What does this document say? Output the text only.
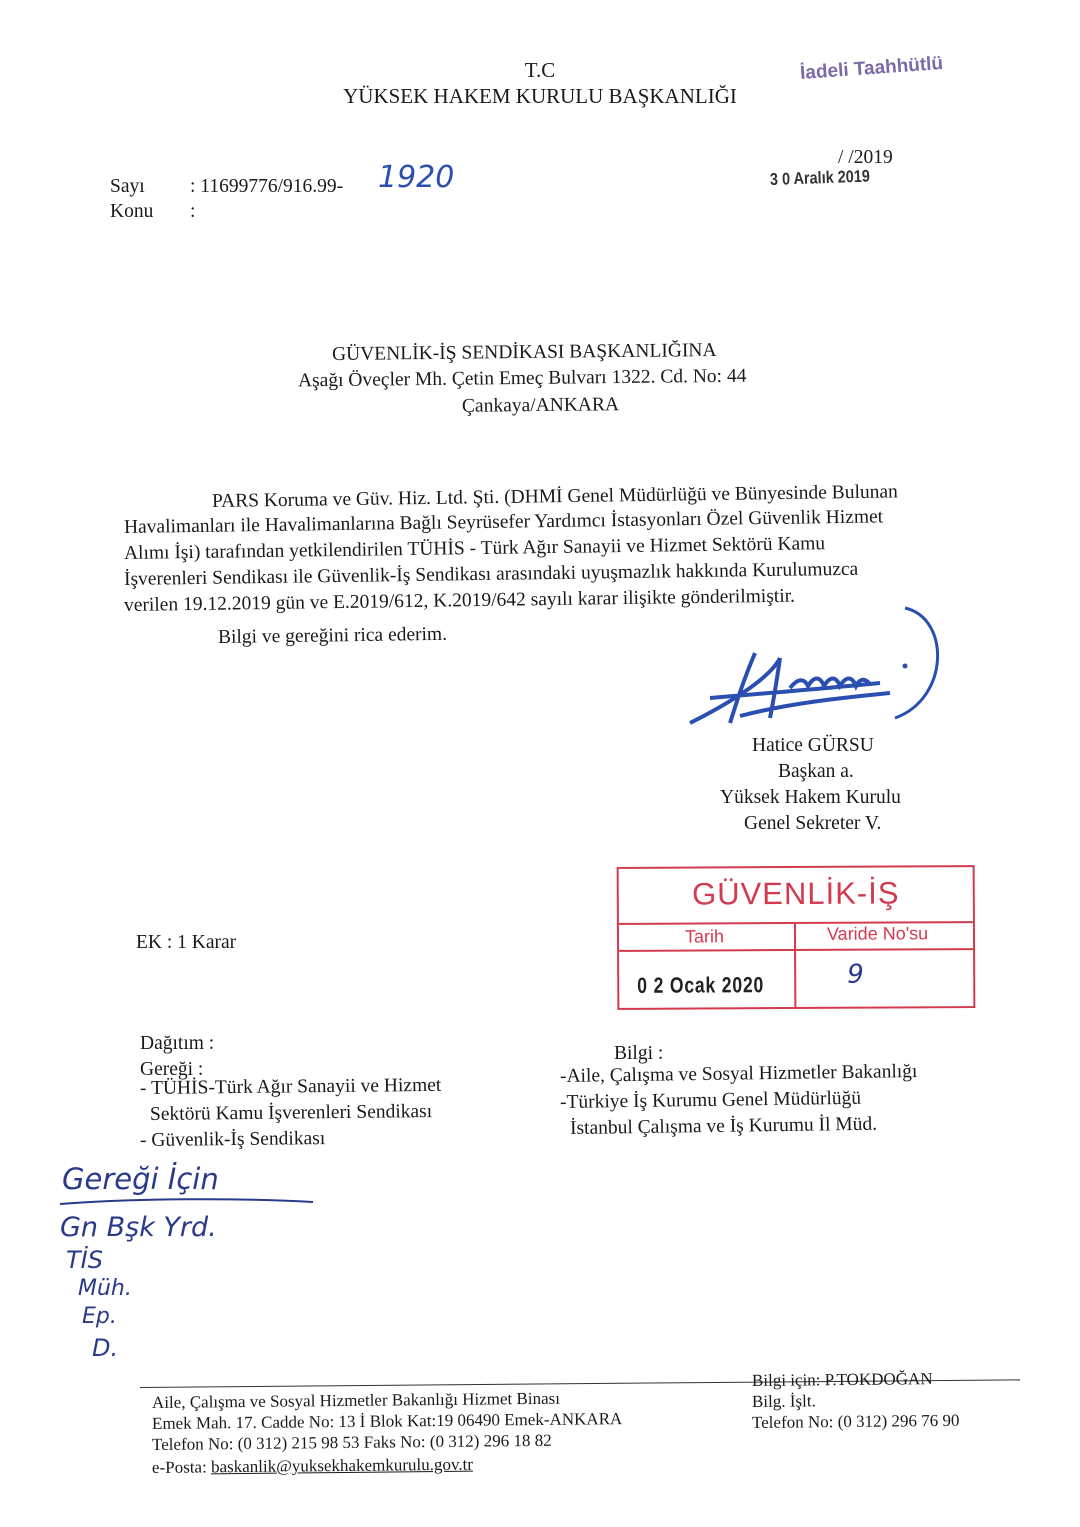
T.C
YÜKSEK HAKEM KURULU BAŞKANLIĞI
İadeli Taahhütlü
Sayı : 11699776/916.99- 1920
Konu :
/ /2019
3 0 Aralık 2019
GÜVENLİK-İŞ SENDİKASI BAŞKANLIĞINA
Aşağı Öveçler Mh. Çetin Emeç Bulvarı 1322. Cd. No: 44
Çankaya/ANKARA
PARS Koruma ve Güv. Hiz. Ltd. Şti. (DHMİ Genel Müdürlüğü ve Bünyesinde Bulunan
Havalimanları ile Havalimanlarına Bağlı Seyrüsefer Yardımcı İstasyonları Özel Güvenlik Hizmet
Alımı İşi) tarafından yetkilendirilen TÜHİS - Türk Ağır Sanayii ve Hizmet Sektörü Kamu
İşverenleri Sendikası ile Güvenlik-İş Sendikası arasındaki uyuşmazlık hakkında Kurulumuzca
verilen 19.12.2019 gün ve E.2019/612, K.2019/642 sayılı karar ilişikte gönderilmiştir.
Bilgi ve gereğini rica ederim.
Hatice GÜRSU
Başkan a.
Yüksek Hakem Kurulu
Genel Sekreter V.
GÜVENLİK-İŞ
Tarih	Varide No'su
0 2 Ocak 2020	9
EK : 1 Karar
Dağıtım :
Gereği :
- TÜHİS-Türk Ağır Sanayii ve Hizmet
Sektörü Kamu İşverenleri Sendikası
- Güvenlik-İş Sendikası
Bilgi :
-Aile, Çalışma ve Sosyal Hizmetler Bakanlığı
-Türkiye İş Kurumu Genel Müdürlüğü
İstanbul Çalışma ve İş Kurumu İl Müd.
Gereği İçin
Gn Bşk Yrd.
TİS
Müh.
Ep.
D.
Aile, Çalışma ve Sosyal Hizmetler Bakanlığı Hizmet Binası
Emek Mah. 17. Cadde No: 13 İ Blok Kat:19 06490 Emek-ANKARA
Telefon No: (0 312) 215 98 53 Faks No: (0 312) 296 18 82
e-Posta: baskanlik@yuksekhakemkurulu.gov.tr
Bilgi için: P.TOKDOĞAN
Bilg. İşlt.
Telefon No: (0 312) 296 76 90
